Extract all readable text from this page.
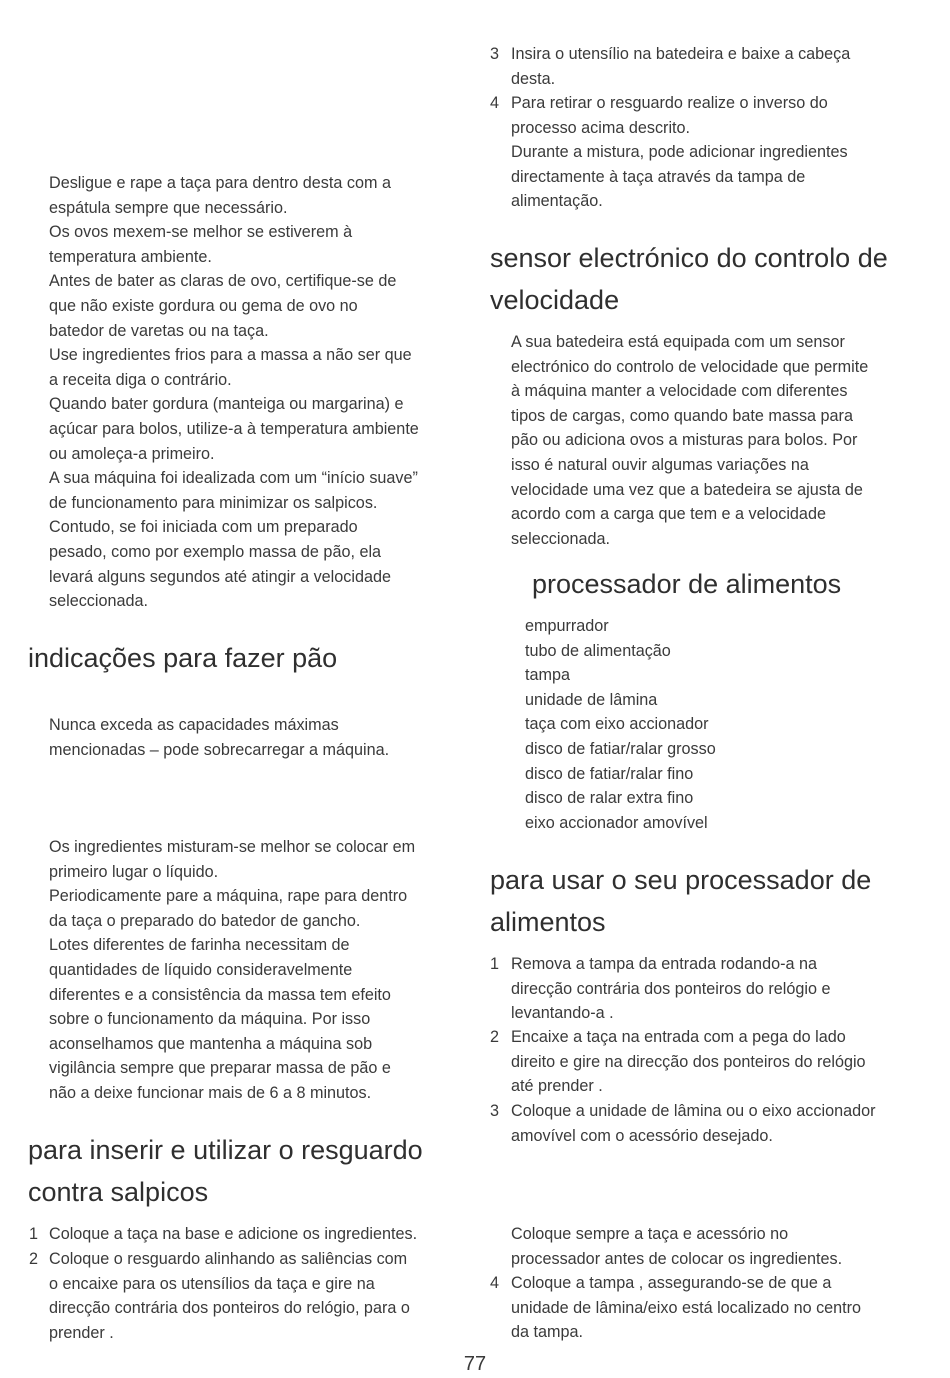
Desligue e rape a taça para dentro desta com a
espátula sempre que necessário.
Os ovos mexem-se melhor se estiverem à
temperatura ambiente.
Antes de bater as claras de ovo, certifique-se de
que não existe gordura ou gema de ovo no
batedor de varetas ou na taça.
Use ingredientes frios para a massa a não ser que
a receita diga o contrário.
Quando bater gordura (manteiga ou margarina) e
açúcar para bolos, utilize-a à temperatura ambiente
ou amoleça-a primeiro.
A sua máquina foi idealizada com um “início suave”
de funcionamento para minimizar os salpicos.
Contudo, se foi iniciada com um preparado
pesado, como por exemplo massa de pão, ela
levará alguns segundos até atingir a velocidade
seleccionada.

indicações para fazer pão

Nunca exceda as capacidades máximas
mencionadas – pode sobrecarregar a máquina.

Os ingredientes misturam-se melhor se colocar em
primeiro lugar o líquido.
Periodicamente pare a máquina, rape para dentro
da taça o preparado do batedor de gancho.
Lotes diferentes de farinha necessitam de
quantidades de líquido consideravelmente
diferentes e a consistência da massa tem efeito
sobre o funcionamento da máquina. Por isso
aconselhamos que mantenha a máquina sob
vigilância sempre que preparar massa de pão e
não a deixe funcionar mais de 6 a 8 minutos.

para inserir e utilizar o resguardo
contra salpicos
1 Coloque a taça na base e adicione os ingredientes.

2 Coloque o resguardo alinhando as saliências com
o encaixe para os utensílios da taça e gire na
direcção contrária dos ponteiros do relógio, para o
prender .

3 Insira o utensílio na batedeira e baixe a cabeça
desta.

4 Para retirar o resguardo realize o inverso do
processo acima descrito.
Durante a mistura, pode adicionar ingredientes
directamente à taça através da tampa de
alimentação.

sensor electrónico do controlo de
velocidade

A sua batedeira está equipada com um sensor
electrónico do controlo de velocidade que permite
à máquina manter a velocidade com diferentes
tipos de cargas, como quando bate massa para
pão ou adiciona ovos a misturas para bolos. Por
isso é natural ouvir algumas variações na
velocidade uma vez que a batedeira se ajusta de
acordo com a carga que tem e a velocidade
seleccionada.

processador de alimentos
empurrador
tubo de alimentação
tampa
unidade de lâmina
taça com eixo accionador
disco de fatiar/ralar grosso
disco de fatiar/ralar fino
disco de ralar extra fino
eixo accionador amovível
para usar o seu processador de
alimentos
1 Remova a tampa da entrada rodando-a na
direcção contrária dos ponteiros do relógio e
levantando-a .

2 Encaixe a taça na entrada com a pega do lado
direito e gire na direcção dos ponteiros do relógio
até prender .

3 Coloque a unidade de lâmina ou o eixo accionador
amovível com o acessório desejado.

Coloque sempre a taça e acessório no
processador antes de colocar os ingredientes.

4 Coloque a tampa , assegurando-se de que a
unidade de lâmina/eixo está localizado no centro
da tampa.

77
